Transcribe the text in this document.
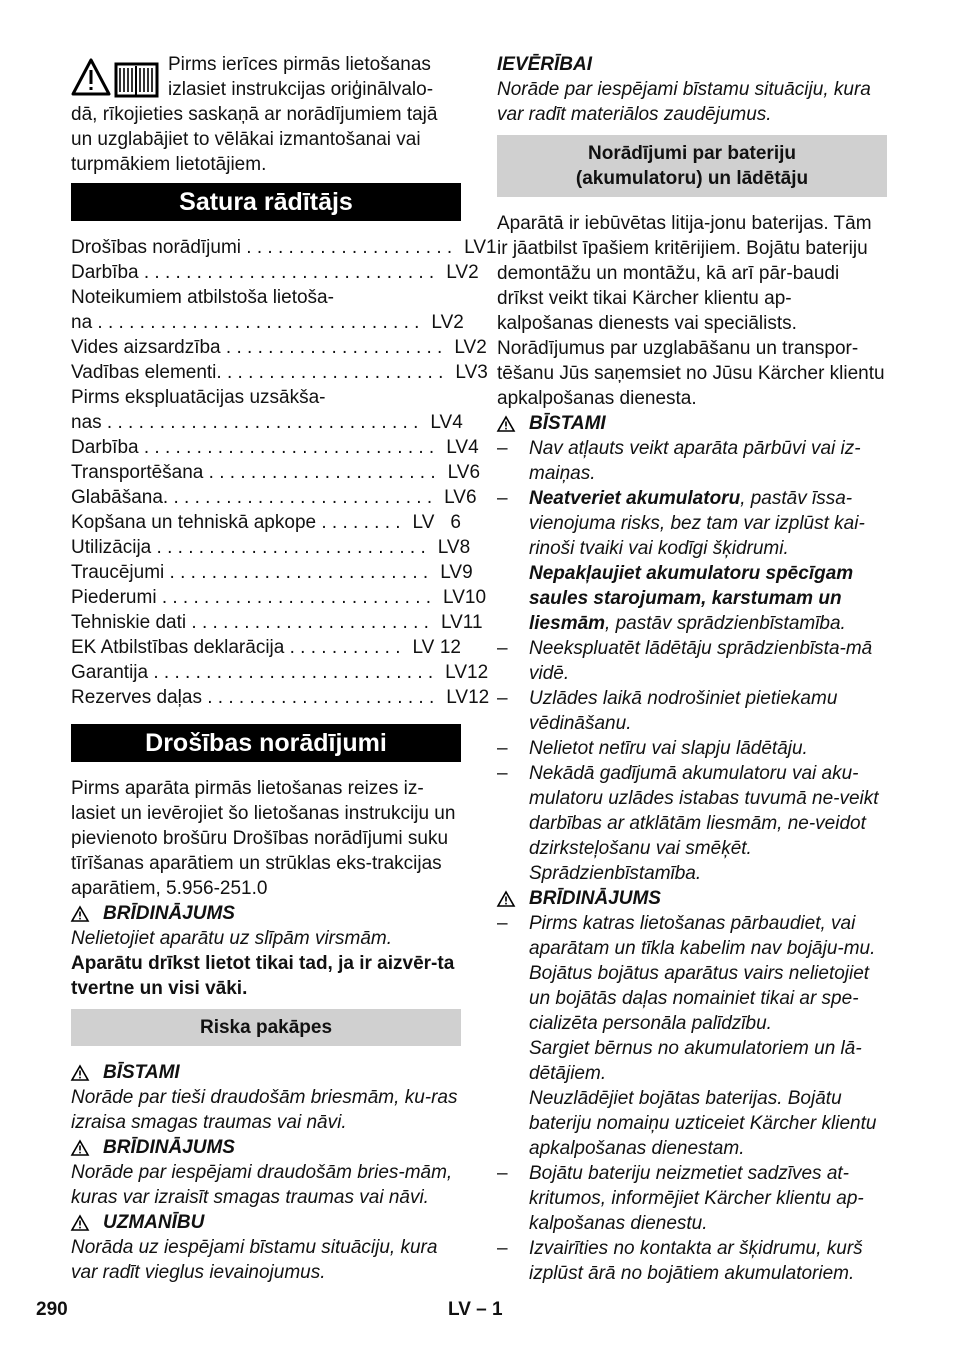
Pirms ierīces pirmās lietošanas

izlasiet instrukcijas oriģinālvalo-

dā, rīkojieties saskaņā ar norādījumiem tajā un uzglabājiet to vēlākai izmantošanai vai turpmākiem lietotājiem.

Satura rādītājs
Drošības norādījumi . . . . . . . . . . . . . . . . . . . . LV 1
Darbība . . . . . . . . . . . . . . . . . . . . . . . . . . . . LV 2
Noteikumiem atbilstoša lietoša-
na . . . . . . . . . . . . . . . . . . . . . . . . . . . . . . . LV 2
Vides aizsardzība . . . . . . . . . . . . . . . . . . . . . LV 2
Vadības elementi. . . . . . . . . . . . . . . . . . . . . . LV 3
Pirms ekspluatācijas uzsākša-
nas . . . . . . . . . . . . . . . . . . . . . . . . . . . . . . LV 4
Darbība . . . . . . . . . . . . . . . . . . . . . . . . . . . . LV 4
Transportēšana . . . . . . . . . . . . . . . . . . . . . . LV 6
Glabāšana. . . . . . . . . . . . . . . . . . . . . . . . . . LV 6
Kopšana un tehniskā apkope . . . . . . . . LV 6
Utilizācija . . . . . . . . . . . . . . . . . . . . . . . . . . LV 8
Traucējumi . . . . . . . . . . . . . . . . . . . . . . . . . LV 9
Piederumi . . . . . . . . . . . . . . . . . . . . . . . . . . LV 10
Tehniskie dati . . . . . . . . . . . . . . . . . . . . . . . LV 11
EK Atbilstības deklarācija . . . . . . . . . . . LV 12
Garantija . . . . . . . . . . . . . . . . . . . . . . . . . . . LV 12
Rezerves daļas . . . . . . . . . . . . . . . . . . . . . . LV 12
Drošības norādījumi

Pirms aparāta pirmās lietošanas reizes iz-lasiet un ievērojiet šo lietošanas instrukciju un pievienoto brošūru Drošības norādījumi suku tīrīšanas aparātiem un strūklas eks-trakcijas aparātiem, 5.956-251.0

BRĪDINĀJUMS

Nelietojiet aparātu uz slīpām virsmām.

Aparātu drīkst lietot tikai tad, ja ir aizvēr-ta tvertne un visi vāki.

Riska pakāpes
BĪSTAMI

Norāde par tieši draudošām briesmām, ku-ras izraisa smagas traumas vai nāvi.

BRĪDINĀJUMS

Norāde par iespējami draudošām bries-mām, kuras var izraisīt smagas traumas vai nāvi.

UZMANĪBU

Norāda uz iespējami bīstamu situāciju, kura var radīt vieglus ievainojumus.

IEVĒRĪBAI

Norāde par iespējami bīstamu situāciju, kura var radīt materiālos zaudējumus.

Norādījumi par bateriju
(akumulatoru) un lādētāju

Aparātā ir iebūvētas litija-jonu baterijas. Tām ir jāatbilst īpašiem kritērijiem. Bojātu bateriju demontāžu un montāžu, kā arī pār-baudi drīkst veikt tikai Kärcher klientu ap-kalpošanas dienests vai speciālists. Norādījumus par uzglabāšanu un transpor-tēšanu Jūs saņemsiet no Jūsu Kärcher klientu apkalpošanas dienesta.

BĪSTAMI
– Nav atļauts veikt aparāta pārbūvi vai iz-maiņas.
– Neatveriet akumulatoru, pastāv īssa-vienojuma risks, bez tam var izplūst kai-rinoši tvaiki vai kodīgi šķidrumi.
Nepakļaujiet akumulatoru spēcīgam saules starojumam, karstumam un liesmām, pastāv sprādzienbīstamība.
– Neekspluatēt lādētāju sprādzienbīsta-mā vidē.
– Uzlādes laikā nodrošiniet pietiekamu vēdināšanu.
– Nelietot netīru vai slapju lādētāju.
– Nekādā gadījumā akumulatoru vai aku-mulatoru uzlādes istabas tuvumā ne-veikt darbības ar atklātām liesmām, ne-veidot dzirksteļošanu vai smēķēt. Sprādzienbīstamība.
BRĪDINĀJUMS
– Pirms katras lietošanas pārbaudiet, vai aparātam un tīkla kabelim nav bojāju-mu. Bojātus bojātus aparātus vairs nelietojiet un bojātās daļas nomainiet tikai ar spe-cializēta personāla palīdzību.
Sargiet bērnus no akumulatoriem un lā-dētājiem.
Neuzlādējiet bojātas baterijas. Bojātu bateriju nomaiņu uzticeiet Kärcher klientu apkalpošanas dienestam.
– Bojātu bateriju neizmetiet sadzīves at-kritumos, informējiet Kärcher klientu ap-kalpošanas dienestu.
– Izvairīties no kontakta ar šķidrumu, kurš izplūst ārā no bojātiem akumulatoriem.
290	LV – 1
